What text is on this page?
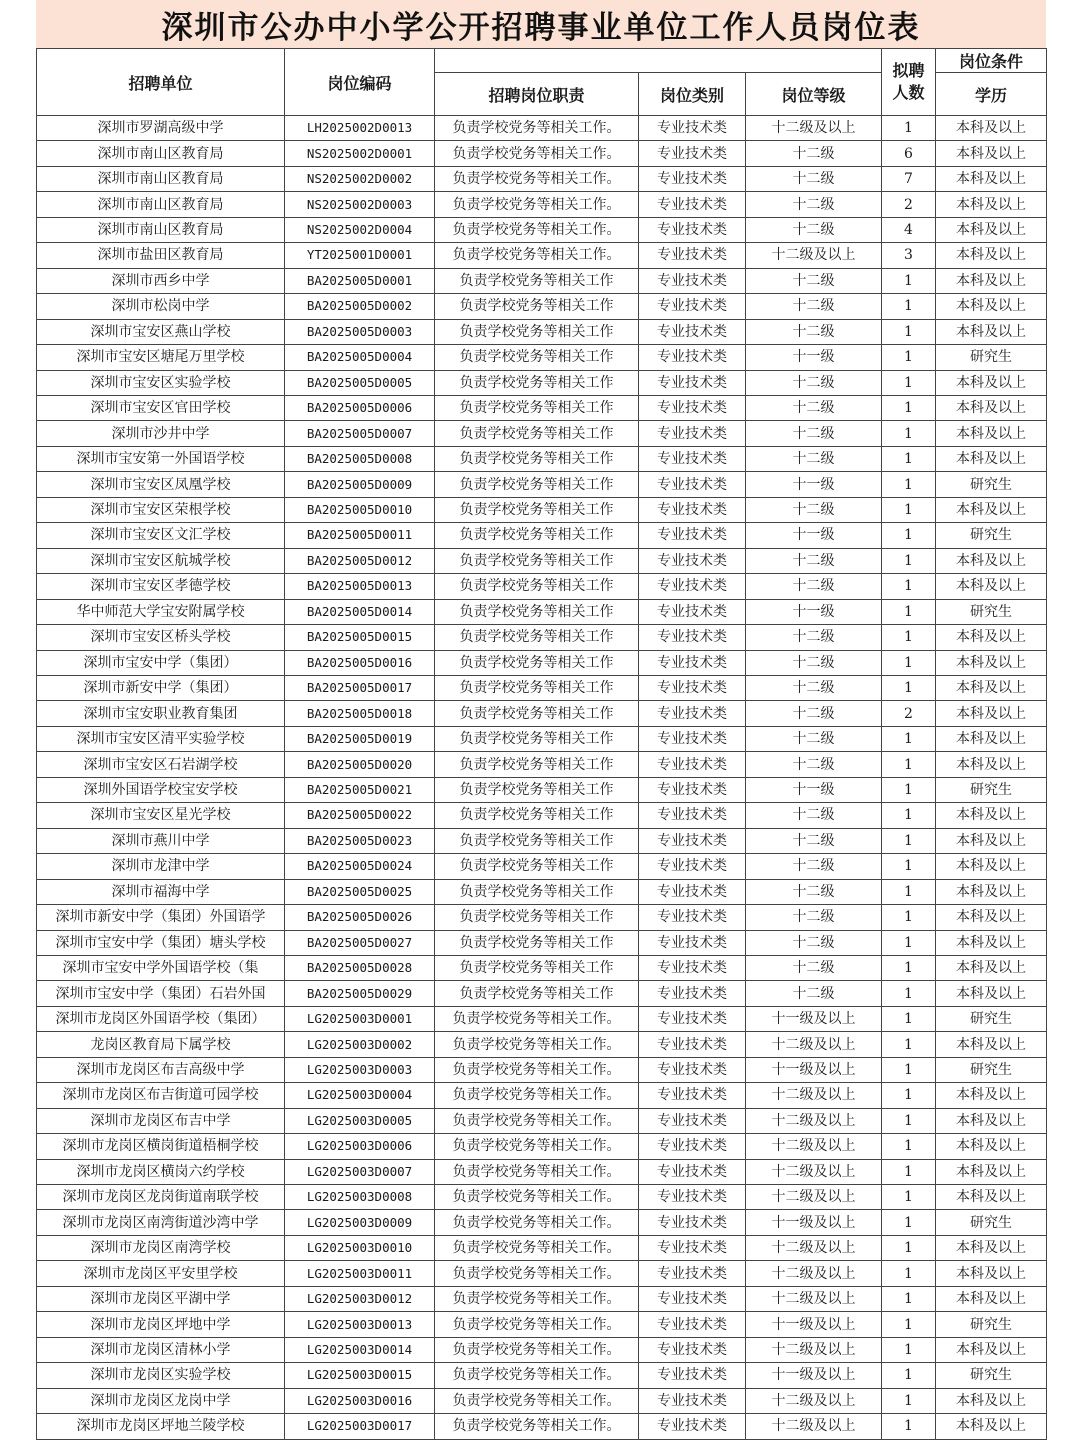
深圳市公办中小学公开招聘事业单位工作人员岗位表
招聘单位	岗位编码				拟聘人数	岗位条件
		招聘岗位职责	岗位类别	岗位等级		学历
深圳市罗湖高级中学	LH2025002D0013	负责学校党务等相关工作。	专业技术类	十二级及以上	1	本科及以上
深圳市南山区教育局	NS2025002D0001	负责学校党务等相关工作。	专业技术类	十二级	6	本科及以上
深圳市南山区教育局	NS2025002D0002	负责学校党务等相关工作。	专业技术类	十二级	7	本科及以上
深圳市南山区教育局	NS2025002D0003	负责学校党务等相关工作。	专业技术类	十二级	2	本科及以上
深圳市南山区教育局	NS2025002D0004	负责学校党务等相关工作。	专业技术类	十二级	4	本科及以上
深圳市盐田区教育局	YT2025001D0001	负责学校党务等相关工作。	专业技术类	十二级及以上	3	本科及以上
深圳市西乡中学	BA2025005D0001	负责学校党务等相关工作	专业技术类	十二级	1	本科及以上
深圳市松岗中学	BA2025005D0002	负责学校党务等相关工作	专业技术类	十二级	1	本科及以上
深圳市宝安区燕山学校	BA2025005D0003	负责学校党务等相关工作	专业技术类	十二级	1	本科及以上
深圳市宝安区塘尾万里学校	BA2025005D0004	负责学校党务等相关工作	专业技术类	十一级	1	研究生
深圳市宝安区实验学校	BA2025005D0005	负责学校党务等相关工作	专业技术类	十二级	1	本科及以上
深圳市宝安区官田学校	BA2025005D0006	负责学校党务等相关工作	专业技术类	十二级	1	本科及以上
深圳市沙井中学	BA2025005D0007	负责学校党务等相关工作	专业技术类	十二级	1	本科及以上
深圳市宝安第一外国语学校	BA2025005D0008	负责学校党务等相关工作	专业技术类	十二级	1	本科及以上
深圳市宝安区凤凰学校	BA2025005D0009	负责学校党务等相关工作	专业技术类	十一级	1	研究生
深圳市宝安区荣根学校	BA2025005D0010	负责学校党务等相关工作	专业技术类	十二级	1	本科及以上
深圳市宝安区文汇学校	BA2025005D0011	负责学校党务等相关工作	专业技术类	十一级	1	研究生
深圳市宝安区航城学校	BA2025005D0012	负责学校党务等相关工作	专业技术类	十二级	1	本科及以上
深圳市宝安区孝德学校	BA2025005D0013	负责学校党务等相关工作	专业技术类	十二级	1	本科及以上
华中师范大学宝安附属学校	BA2025005D0014	负责学校党务等相关工作	专业技术类	十一级	1	研究生
深圳市宝安区桥头学校	BA2025005D0015	负责学校党务等相关工作	专业技术类	十二级	1	本科及以上
深圳市宝安中学（集团）	BA2025005D0016	负责学校党务等相关工作	专业技术类	十二级	1	本科及以上
深圳市新安中学（集团）	BA2025005D0017	负责学校党务等相关工作	专业技术类	十二级	1	本科及以上
深圳市宝安职业教育集团	BA2025005D0018	负责学校党务等相关工作	专业技术类	十二级	2	本科及以上
深圳市宝安区清平实验学校	BA2025005D0019	负责学校党务等相关工作	专业技术类	十二级	1	本科及以上
深圳市宝安区石岩湖学校	BA2025005D0020	负责学校党务等相关工作	专业技术类	十二级	1	本科及以上
深圳外国语学校宝安学校	BA2025005D0021	负责学校党务等相关工作	专业技术类	十一级	1	研究生
深圳市宝安区星光学校	BA2025005D0022	负责学校党务等相关工作	专业技术类	十二级	1	本科及以上
深圳市燕川中学	BA2025005D0023	负责学校党务等相关工作	专业技术类	十二级	1	本科及以上
深圳市龙津中学	BA2025005D0024	负责学校党务等相关工作	专业技术类	十二级	1	本科及以上
深圳市福海中学	BA2025005D0025	负责学校党务等相关工作	专业技术类	十二级	1	本科及以上
深圳市新安中学（集团）外国语学	BA2025005D0026	负责学校党务等相关工作	专业技术类	十二级	1	本科及以上
深圳市宝安中学（集团）塘头学校	BA2025005D0027	负责学校党务等相关工作	专业技术类	十二级	1	本科及以上
深圳市宝安中学外国语学校（集	BA2025005D0028	负责学校党务等相关工作	专业技术类	十二级	1	本科及以上
深圳市宝安中学（集团）石岩外国	BA2025005D0029	负责学校党务等相关工作	专业技术类	十二级	1	本科及以上
深圳市龙岗区外国语学校（集团）	LG2025003D0001	负责学校党务等相关工作。	专业技术类	十一级及以上	1	研究生
龙岗区教育局下属学校	LG2025003D0002	负责学校党务等相关工作。	专业技术类	十二级及以上	1	本科及以上
深圳市龙岗区布吉高级中学	LG2025003D0003	负责学校党务等相关工作。	专业技术类	十一级及以上	1	研究生
深圳市龙岗区布吉街道可园学校	LG2025003D0004	负责学校党务等相关工作。	专业技术类	十二级及以上	1	本科及以上
深圳市龙岗区布吉中学	LG2025003D0005	负责学校党务等相关工作。	专业技术类	十二级及以上	1	本科及以上
深圳市龙岗区横岗街道梧桐学校	LG2025003D0006	负责学校党务等相关工作。	专业技术类	十二级及以上	1	本科及以上
深圳市龙岗区横岗六约学校	LG2025003D0007	负责学校党务等相关工作。	专业技术类	十二级及以上	1	本科及以上
深圳市龙岗区龙岗街道南联学校	LG2025003D0008	负责学校党务等相关工作。	专业技术类	十二级及以上	1	本科及以上
深圳市龙岗区南湾街道沙湾中学	LG2025003D0009	负责学校党务等相关工作。	专业技术类	十一级及以上	1	研究生
深圳市龙岗区南湾学校	LG2025003D0010	负责学校党务等相关工作。	专业技术类	十二级及以上	1	本科及以上
深圳市龙岗区平安里学校	LG2025003D0011	负责学校党务等相关工作。	专业技术类	十二级及以上	1	本科及以上
深圳市龙岗区平湖中学	LG2025003D0012	负责学校党务等相关工作。	专业技术类	十二级及以上	1	本科及以上
深圳市龙岗区坪地中学	LG2025003D0013	负责学校党务等相关工作。	专业技术类	十一级及以上	1	研究生
深圳市龙岗区清林小学	LG2025003D0014	负责学校党务等相关工作。	专业技术类	十二级及以上	1	本科及以上
深圳市龙岗区实验学校	LG2025003D0015	负责学校党务等相关工作。	专业技术类	十一级及以上	1	研究生
深圳市龙岗区龙岗中学	LG2025003D0016	负责学校党务等相关工作。	专业技术类	十二级及以上	1	本科及以上
深圳市龙岗区坪地兰陵学校	LG2025003D0017	负责学校党务等相关工作。	专业技术类	十二级及以上	1	本科及以上
